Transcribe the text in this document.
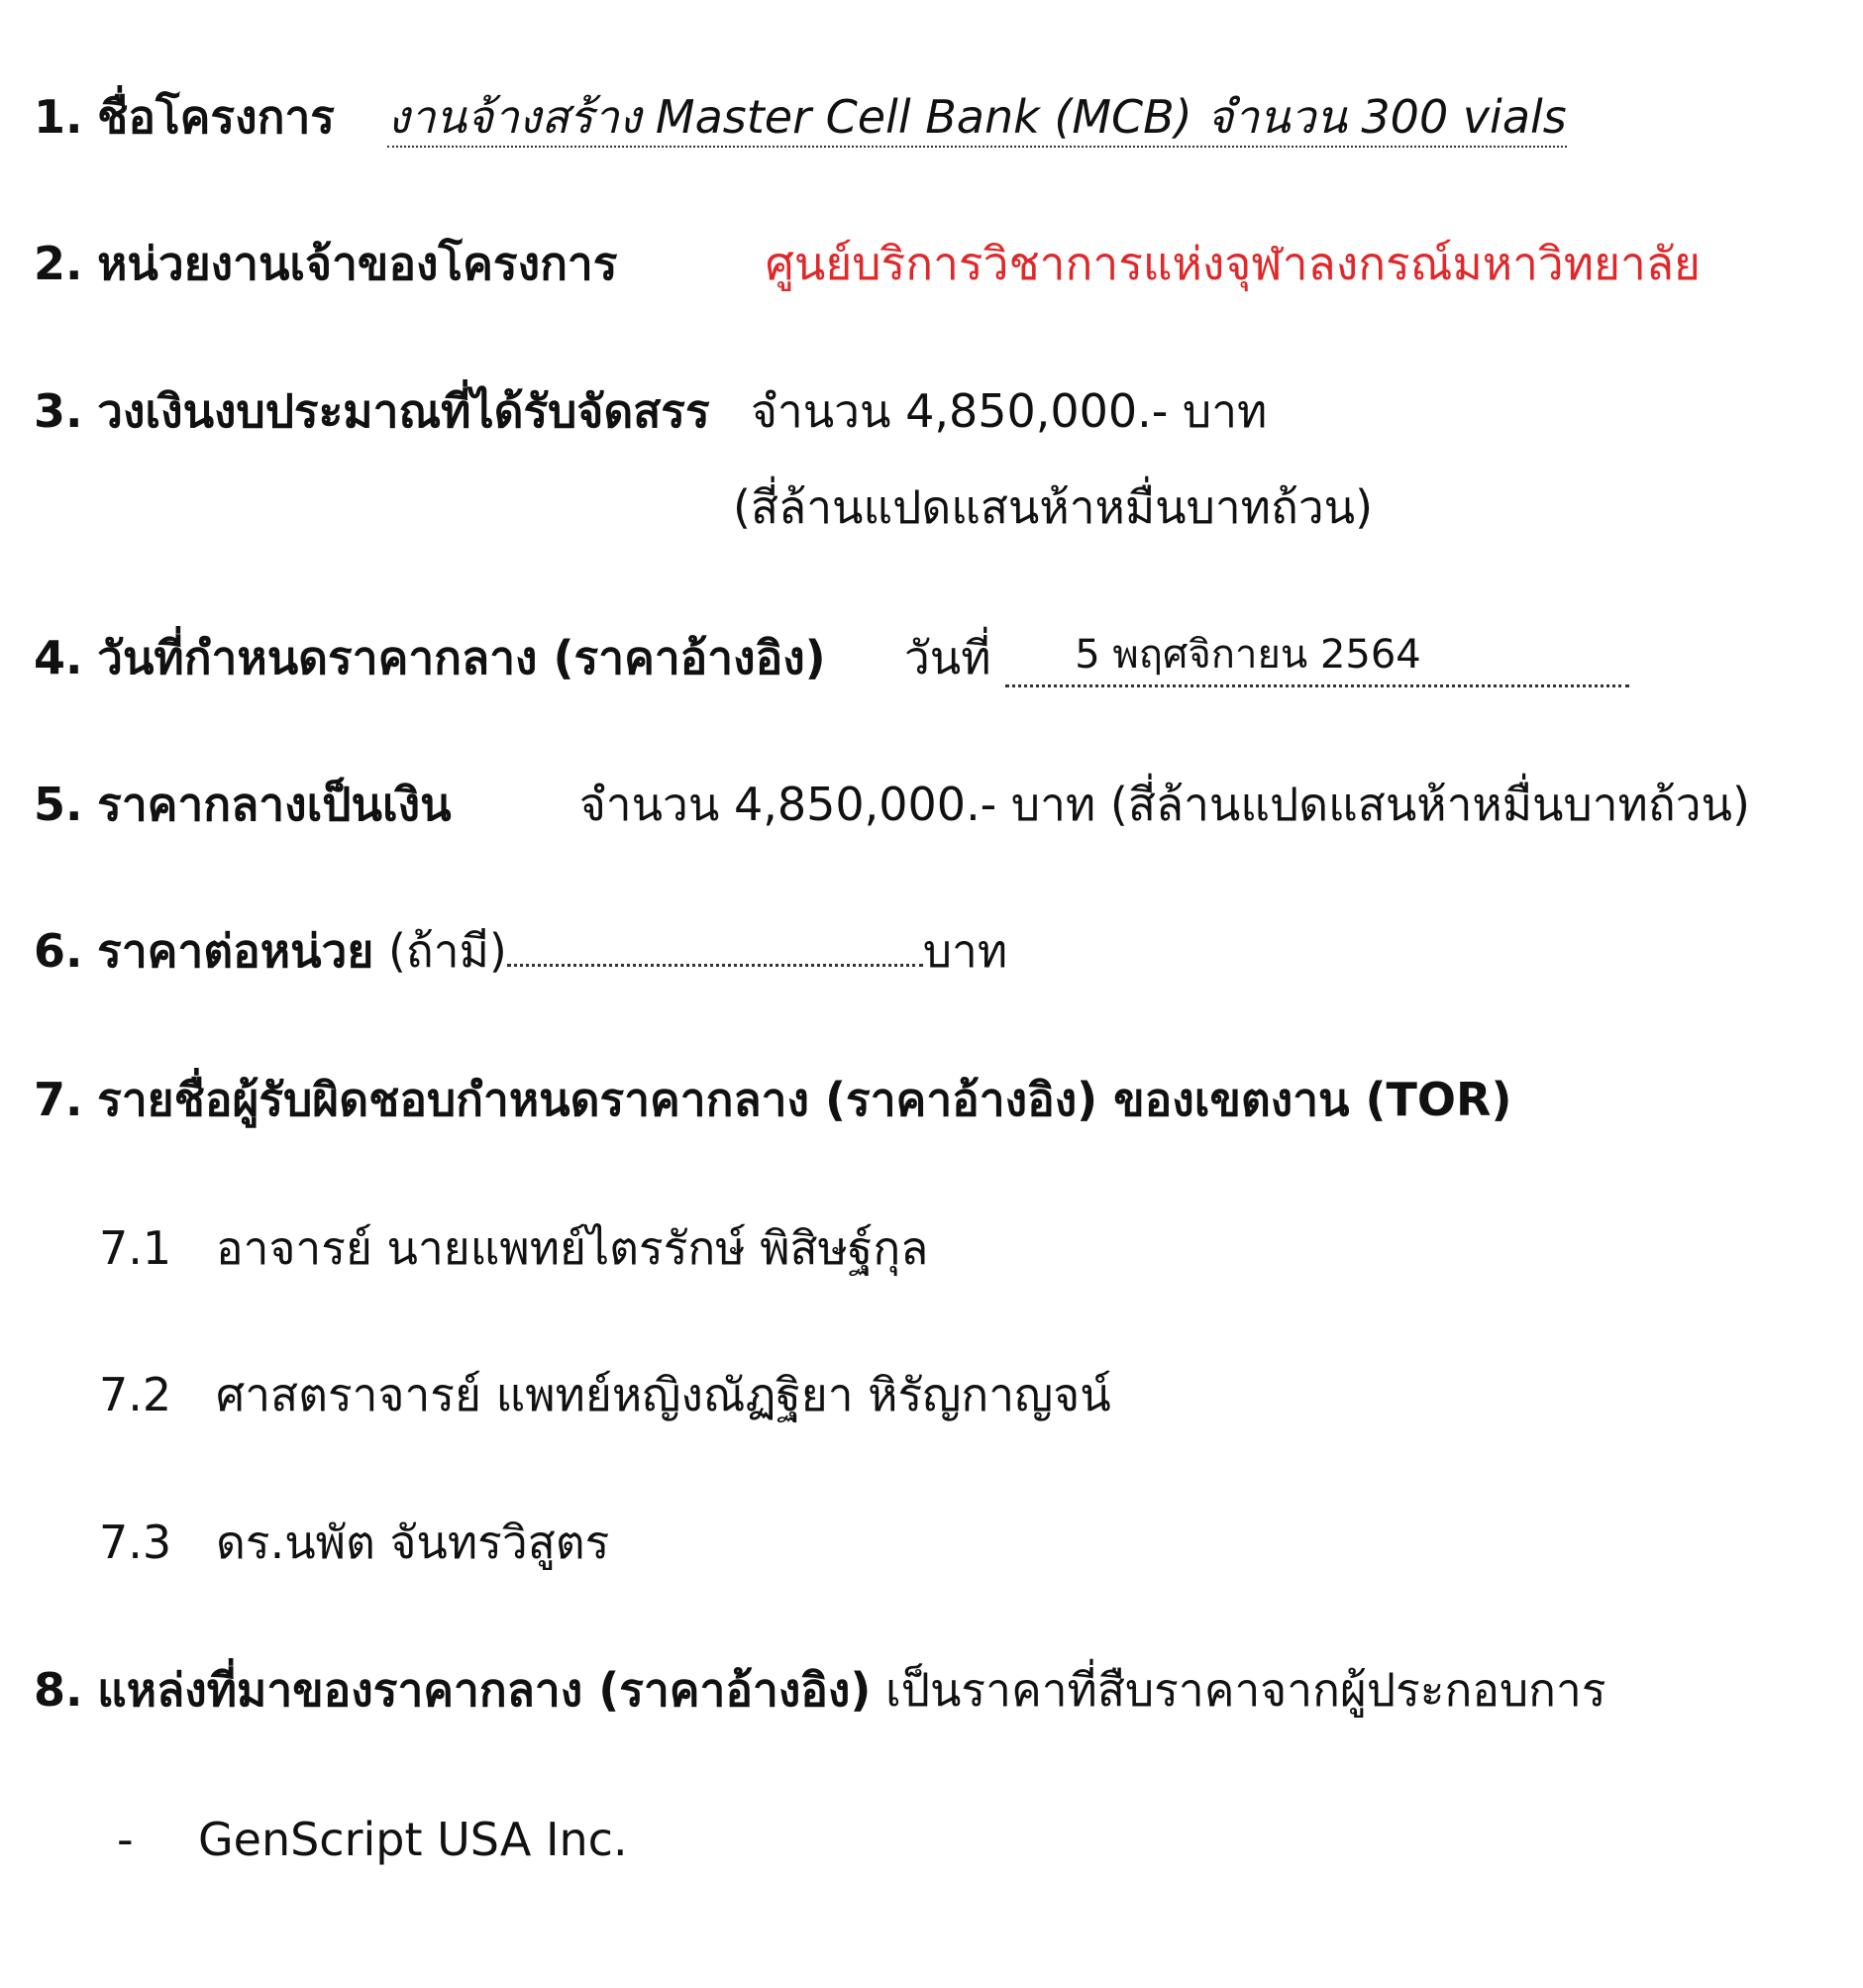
1. ชื่อโครงการ งานจ้างสร้าง Master Cell Bank (MCB) จำนวน 300 vials
2. หน่วยงานเจ้าของโครงการ	ศูนย์บริการวิชาการแห่งจุฬาลงกรณ์มหาวิทยาลัย
3. วงเงินงบประมาณที่ได้รับจัดสรร จำนวน 4,850,000.- บาท
(สี่ล้านแปดแสนห้าหมื่นบาทถ้วน)
4. วันที่กำหนดราคากลาง (ราคาอ้างอิง) วันที่ 5 พฤศจิกายน 2564
5. ราคากลางเป็นเงิน	จำนวน 4,850,000.- บาท (สี่ล้านแปดแสนห้าหมื่นบาทถ้วน)
6. ราคาต่อหน่วย (ถ้ามี)	บาท
7. รายชื่อผู้รับผิดชอบกำหนดราคากลาง (ราคาอ้างอิง) ของเขตงาน (TOR)
7.1 อาจารย์ นายแพทย์ไตรรักษ์ พิสิษฐ์กุล
7.2 ศาสตราจารย์ แพทย์หญิงณัฏฐิยา หิรัญกาญจน์
7.3 ดร.นพัต จันทรวิสูตร
8. แหล่งที่มาของราคากลาง (ราคาอ้างอิง) เป็นราคาที่สืบราคาจากผู้ประกอบการ
- GenScript USA Inc.
